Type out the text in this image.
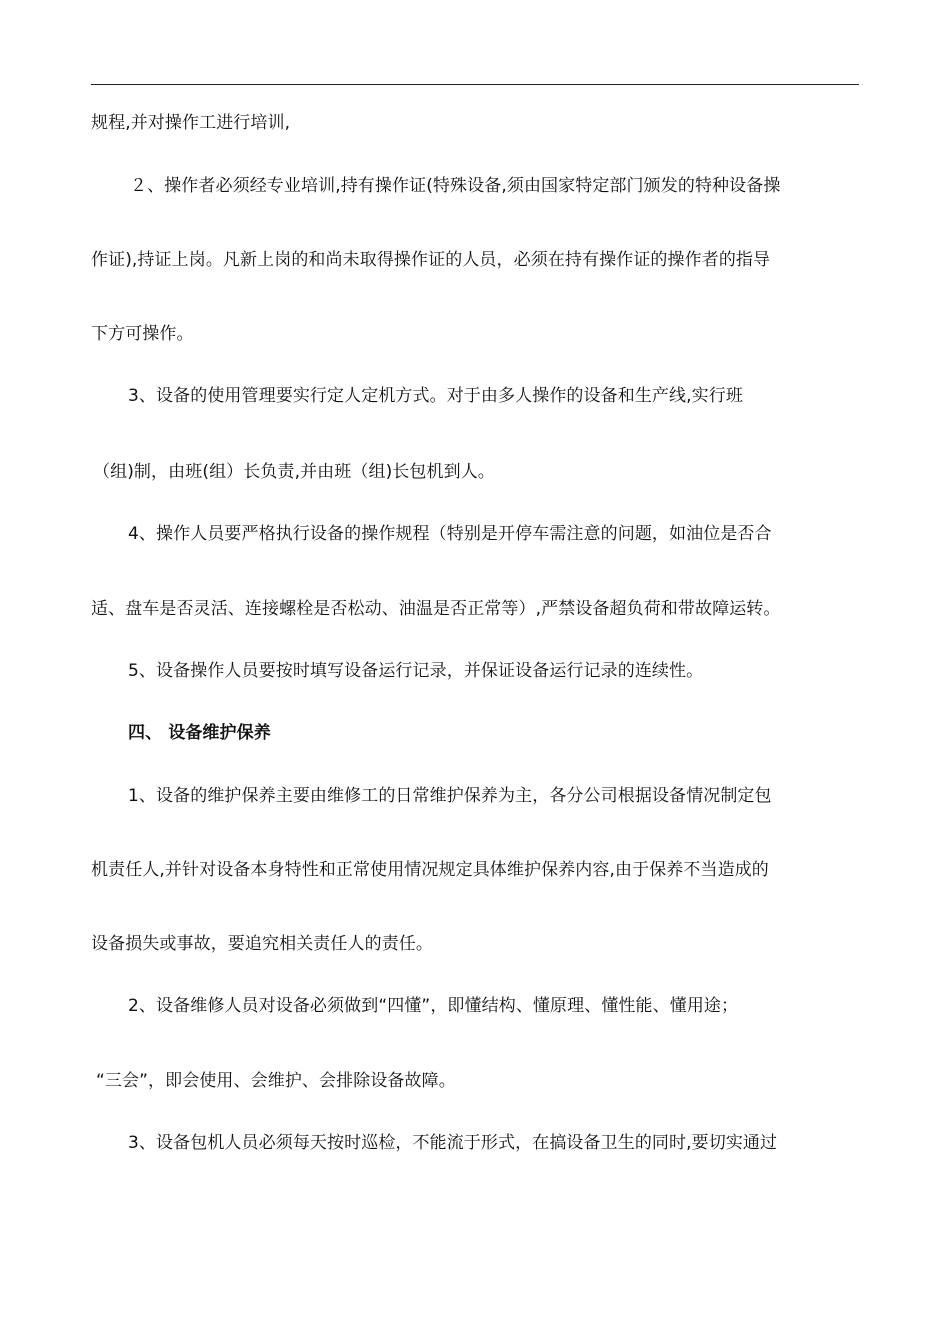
规程,并对操作工进行培训,
２、操作者必须经专业培训,持有操作证(特殊设备,须由国家特定部门颁发的特种设备操
作证),持证上岗。凡新上岗的和尚未取得操作证的人员，必须在持有操作证的操作者的指导
下方可操作。
3、设备的使用管理要实行定人定机方式。对于由多人操作的设备和生产线,实行班
（组)制，由班(组）长负责,并由班（组)长包机到人。
4、操作人员要严格执行设备的操作规程（特别是开停车需注意的问题，如油位是否合
适、盘车是否灵活、连接螺栓是否松动、油温是否正常等）,严禁设备超负荷和带故障运转。
5、设备操作人员要按时填写设备运行记录，并保证设备运行记录的连续性。
四、 设备维护保养
1、设备的维护保养主要由维修工的日常维护保养为主，各分公司根据设备情况制定包
机责任人,并针对设备本身特性和正常使用情况规定具体维护保养内容,由于保养不当造成的
设备损失或事故，要追究相关责任人的责任。
2、设备维修人员对设备必须做到“四懂”，即懂结构、懂原理、懂性能、懂用途；
“三会”，即会使用、会维护、会排除设备故障。
3、设备包机人员必须每天按时巡检，不能流于形式，在搞设备卫生的同时,要切实通过
